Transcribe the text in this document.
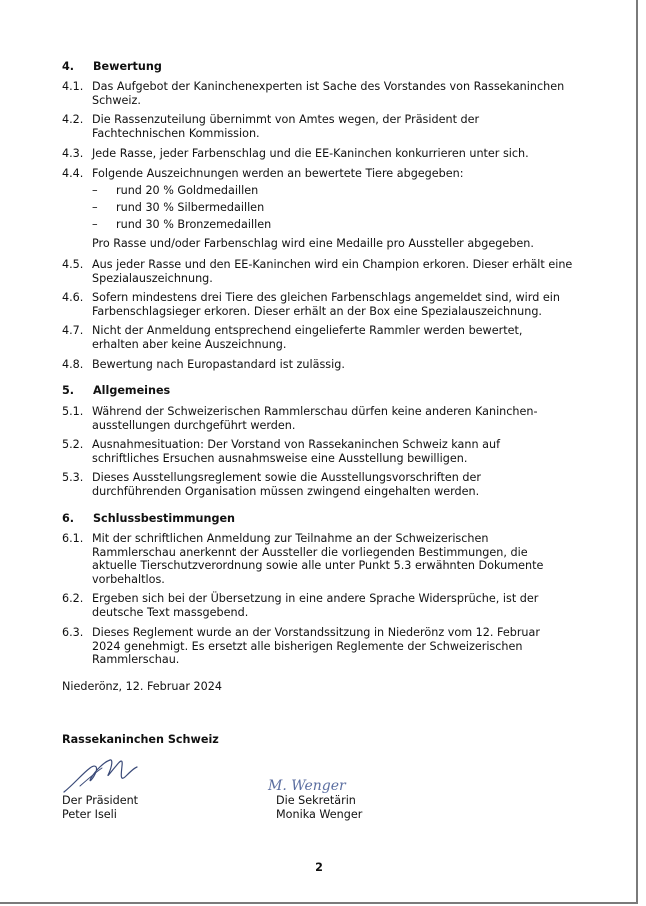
4. Bewertung
4.1. Das Aufgebot der Kaninchenexperten ist Sache des Vorstandes von Rassekaninchen Schweiz.
4.2. Die Rassenzuteilung übernimmt von Amtes wegen, der Präsident der Fachtechnischen Kommission.
4.3. Jede Rasse, jeder Farbenschlag und die EE-Kaninchen konkurrieren unter sich.
4.4. Folgende Auszeichnungen werden an bewertete Tiere abgegeben:
– rund 20 % Goldmedaillen
– rund 30 % Silbermedaillen
– rund 30 % Bronzemedaillen
Pro Rasse und/oder Farbenschlag wird eine Medaille pro Aussteller abgegeben.
4.5. Aus jeder Rasse und den EE-Kaninchen wird ein Champion erkoren. Dieser erhält eine Spezialauszeichnung.
4.6. Sofern mindestens drei Tiere des gleichen Farbenschlags angemeldet sind, wird ein Farbenschlagsieger erkoren. Dieser erhält an der Box eine Spezialauszeichnung.
4.7. Nicht der Anmeldung entsprechend eingelieferte Rammler werden bewertet, erhalten aber keine Auszeichnung.
4.8. Bewertung nach Europastandard ist zulässig.
5. Allgemeines
5.1. Während der Schweizerischen Rammlerschau dürfen keine anderen Kaninchen-ausstellungen durchgeführt werden.
5.2. Ausnahmesituation: Der Vorstand von Rassekaninchen Schweiz kann auf schriftliches Ersuchen ausnahmsweise eine Ausstellung bewilligen.
5.3. Dieses Ausstellungsreglement sowie die Ausstellungsvorschriften der durchführenden Organisation müssen zwingend eingehalten werden.
6. Schlussbestimmungen
6.1. Mit der schriftlichen Anmeldung zur Teilnahme an der Schweizerischen Rammlerschau anerkennt der Aussteller die vorliegenden Bestimmungen, die aktuelle Tierschutzverordnung sowie alle unter Punkt 5.3 erwähnten Dokumente vorbehaltlos.
6.2. Ergeben sich bei der Übersetzung in eine andere Sprache Widersprüche, ist der deutsche Text massgebend.
6.3. Dieses Reglement wurde an der Vorstandssitzung in Niederönz vom 12. Februar 2024 genehmigt. Es ersetzt alle bisherigen Reglemente der Schweizerischen Rammlerschau.
Niederönz, 12. Februar 2024
Rassekaninchen Schweiz
M. Wenger
Der Präsident
Peter Iseli
Die Sekretärin
Monika Wenger
2
